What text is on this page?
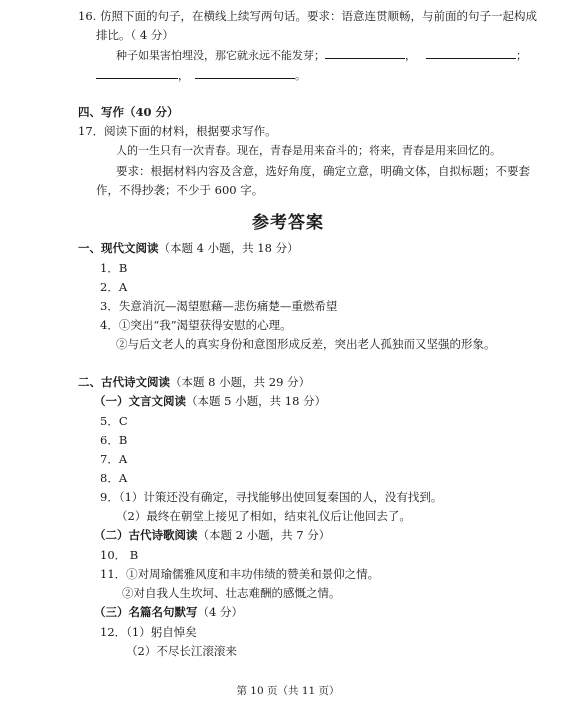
16. 仿照下面的句子，在横线上续写两句话。要求：语意连贯顺畅，与前面的句子一起构成
排比。（ 4 分）
种子如果害怕埋没，那它就永远不能发芽；	，	；
，	。
四、写作（40 分）
17．阅读下面的材料，根据要求写作。
人的一生只有一次青春。现在，青春是用来奋斗的；将来，青春是用来回忆的。
要求：根据材料内容及含意，选好角度，确定立意，明确文体，自拟标题；不要套
作，不得抄袭；不少于 600 字。
参考答案
一、现代文阅读（本题 4 小题，共 18 分）
1．B
2．A
3．失意消沉—渴望慰藉—悲伤痛楚—重燃希望
4．①突出“我”渴望获得安慰的心理。
②与后文老人的真实身份和意图形成反差，突出老人孤独而又坚强的形象。
二、古代诗文阅读（本题 8 小题，共 29 分）
（一）文言文阅读（本题 5 小题，共 18 分）
5．C
6．B
7．A
8．A
9．（1）计策还没有确定，寻找能够出使回复秦国的人，没有找到。
（2）最终在朝堂上接见了相如，结束礼仪后让他回去了。
（二）古代诗歌阅读（本题 2 小题，共 7 分）
10． B
11．①对周瑜儒雅风度和丰功伟绩的赞美和景仰之情。
②对自我人生坎坷、壮志难酬的感慨之情。
（三）名篇名句默写（4 分）
12．（1）躬自悼矣
（2）不尽长江滚滚来
第 10 页（共 11 页）
